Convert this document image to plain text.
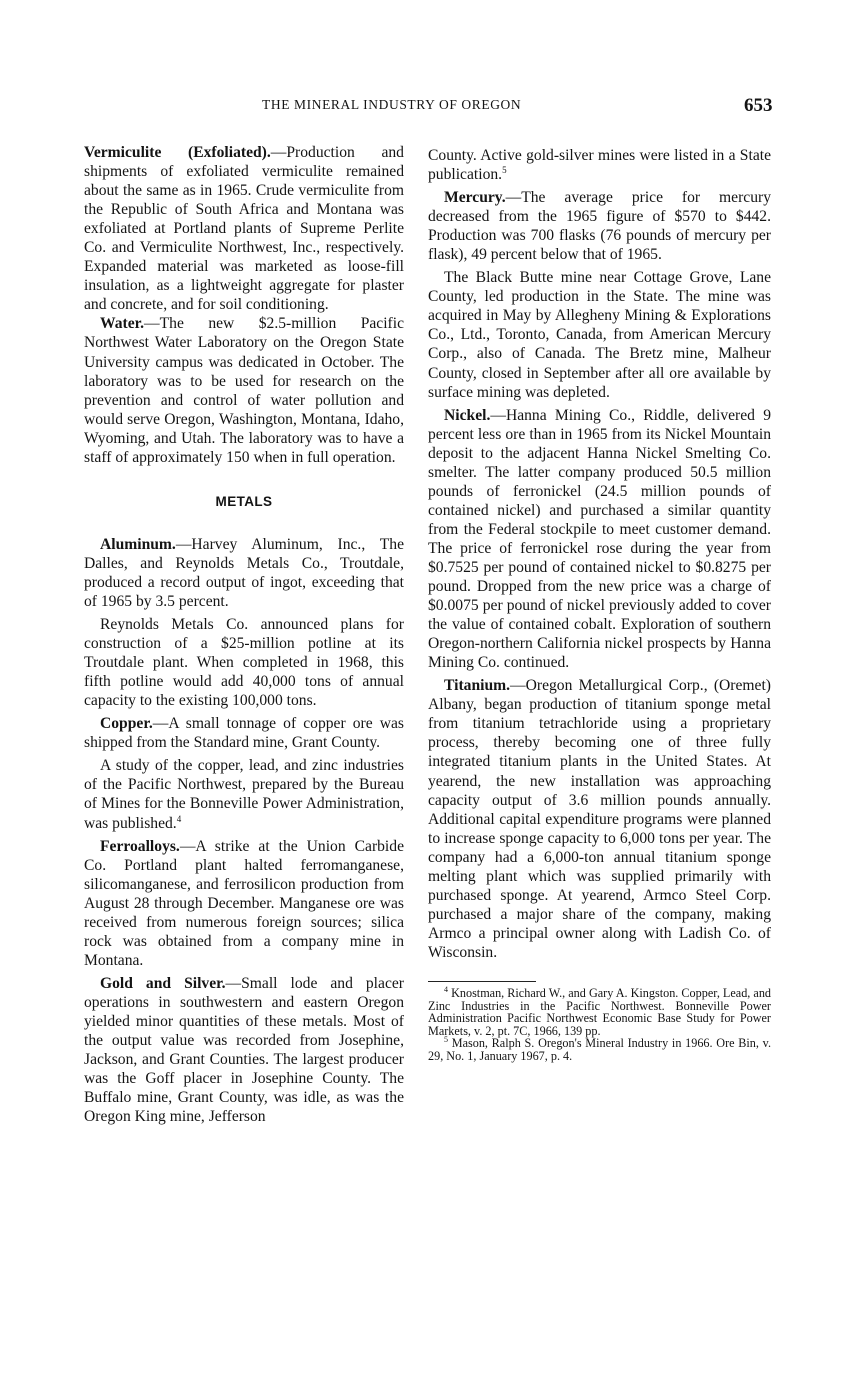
THE MINERAL INDUSTRY OF OREGON	653

Vermiculite (Exfoliated).—Production and shipments of exfoliated vermiculite remained about the same as in 1965. Crude vermiculite from the Republic of South Africa and Montana was exfoliated at Portland plants of Supreme Perlite Co. and Vermiculite Northwest, Inc., respectively. Expanded material was marketed as loose-fill insulation, as a lightweight aggregate for plaster and concrete, and for soil conditioning.

Water.—The new $2.5-million Pacific Northwest Water Laboratory on the Oregon State University campus was dedicated in October. The laboratory was to be used for research on the prevention and control of water pollution and would serve Oregon, Washington, Montana, Idaho, Wyoming, and Utah. The laboratory was to have a staff of approximately 150 when in full operation.

METALS

Aluminum.—Harvey Aluminum, Inc., The Dalles, and Reynolds Metals Co., Troutdale, produced a record output of ingot, exceeding that of 1965 by 3.5 percent.

Reynolds Metals Co. announced plans for construction of a $25-million potline at its Troutdale plant. When completed in 1968, this fifth potline would add 40,000 tons of annual capacity to the existing 100,000 tons.

Copper.—A small tonnage of copper ore was shipped from the Standard mine, Grant County.

A study of the copper, lead, and zinc industries of the Pacific Northwest, prepared by the Bureau of Mines for the Bonneville Power Administration, was published.$^4$

Ferroalloys.—A strike at the Union Carbide Co. Portland plant halted ferromanganese, silicomanganese, and ferrosilicon production from August 28 through December. Manganese ore was received from numerous foreign sources; silica rock was obtained from a company mine in Montana.

Gold and Silver.—Small lode and placer operations in southwestern and eastern Oregon yielded minor quantities of these metals. Most of the output value was recorded from Josephine, Jackson, and Grant Counties. The largest producer was the Goff placer in Josephine County. The Buffalo mine, Grant County, was idle, as was the Oregon King mine, Jefferson

County. Active gold-silver mines were listed in a State publication.$^5$

Mercury.—The average price for mercury decreased from the 1965 figure of $570 to $442. Production was 700 flasks (76 pounds of mercury per flask), 49 percent below that of 1965.

The Black Butte mine near Cottage Grove, Lane County, led production in the State. The mine was acquired in May by Allegheny Mining & Explorations Co., Ltd., Toronto, Canada, from American Mercury Corp., also of Canada. The Bretz mine, Malheur County, closed in September after all ore available by surface mining was depleted.

Nickel.—Hanna Mining Co., Riddle, delivered 9 percent less ore than in 1965 from its Nickel Mountain deposit to the adjacent Hanna Nickel Smelting Co. smelter. The latter company produced 50.5 million pounds of ferronickel (24.5 million pounds of contained nickel) and purchased a similar quantity from the Federal stockpile to meet customer demand. The price of ferronickel rose during the year from $0.7525 per pound of contained nickel to $0.8275 per pound. Dropped from the new price was a charge of $0.0075 per pound of nickel previously added to cover the value of contained cobalt. Exploration of southern Oregon-northern California nickel prospects by Hanna Mining Co. continued.

Titanium.—Oregon Metallurgical Corp., (Oremet) Albany, began production of titanium sponge metal from titanium tetrachloride using a proprietary process, thereby becoming one of three fully integrated titanium plants in the United States. At yearend, the new installation was approaching capacity output of 3.6 million pounds annually. Additional capital expenditure programs were planned to increase sponge capacity to 6,000 tons per year. The company had a 6,000-ton annual titanium sponge melting plant which was supplied primarily with purchased sponge. At yearend, Armco Steel Corp. purchased a major share of the company, making Armco a principal owner along with Ladish Co. of Wisconsin.

$^4$ Knostman, Richard W., and Gary A. Kingston. Copper, Lead, and Zinc Industries in the Pacific Northwest. Bonneville Power Administration Pacific Northwest Economic Base Study for Power Markets, v. 2, pt. 7C, 1966, 139 pp.

$^5$ Mason, Ralph S. Oregon's Mineral Industry in 1966. Ore Bin, v. 29, No. 1, January 1967, p. 4.
